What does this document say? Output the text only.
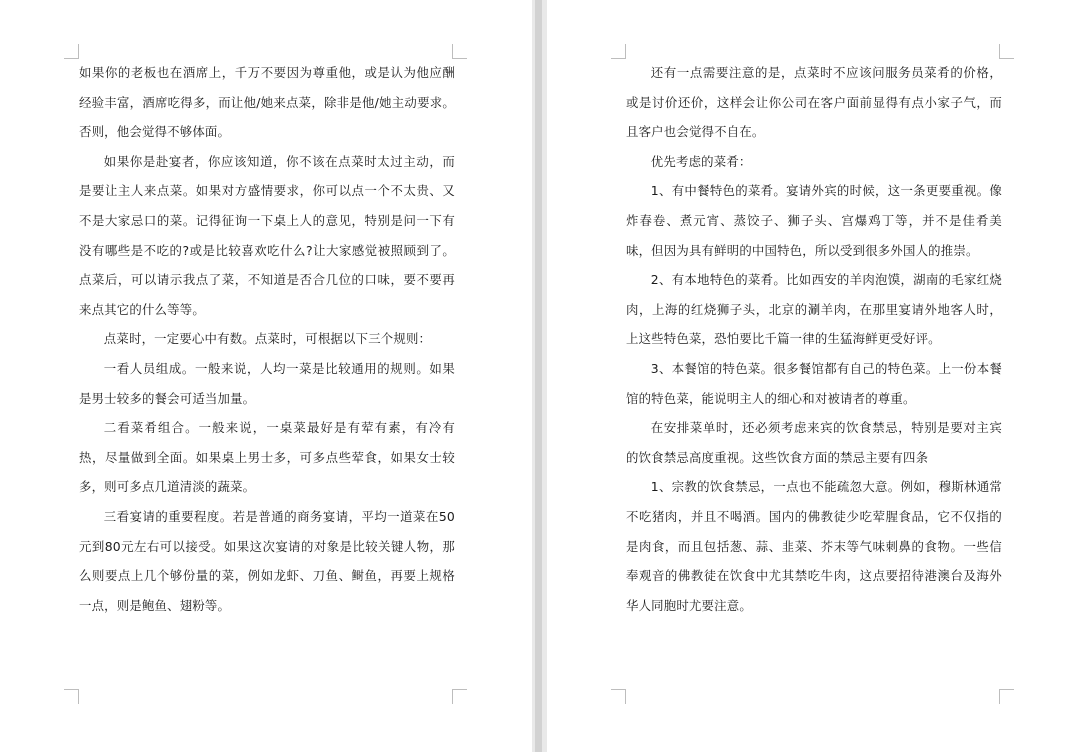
如果你的老板也在酒席上，千万不要因为尊重他，或是认为他应酬经验丰富，酒席吃得多，而让他/她来点菜，除非是他/她主动要求。否则，他会觉得不够体面。

如果你是赴宴者，你应该知道，你不该在点菜时太过主动，而是要让主人来点菜。如果对方盛情要求，你可以点一个不太贵、又不是大家忌口的菜。记得征询一下桌上人的意见，特别是问一下有没有哪些是不吃的?或是比较喜欢吃什么?让大家感觉被照顾到了。点菜后，可以请示我点了菜，不知道是否合几位的口味，要不要再来点其它的什么等等。

点菜时，一定要心中有数。点菜时，可根据以下三个规则：

一看人员组成。一般来说，人均一菜是比较通用的规则。如果是男士较多的餐会可适当加量。

二看菜肴组合。一般来说，一桌菜最好是有荤有素，有冷有热，尽量做到全面。如果桌上男士多，可多点些荤食，如果女士较多，则可多点几道清淡的蔬菜。

三看宴请的重要程度。若是普通的商务宴请，平均一道菜在50元到80元左右可以接受。如果这次宴请的对象是比较关键人物，那么则要点上几个够份量的菜，例如龙虾、刀鱼、鲥鱼，再要上规格一点，则是鲍鱼、翅粉等。

还有一点需要注意的是，点菜时不应该问服务员菜肴的价格，或是讨价还价，这样会让你公司在客户面前显得有点小家子气，而且客户也会觉得不自在。

优先考虑的菜肴：

1、有中餐特色的菜肴。宴请外宾的时候，这一条更要重视。像炸春卷、煮元宵、蒸饺子、狮子头、宫爆鸡丁等，并不是佳肴美味，但因为具有鲜明的中国特色，所以受到很多外国人的推崇。

2、有本地特色的菜肴。比如西安的羊肉泡馍，湖南的毛家红烧肉，上海的红烧狮子头，北京的涮羊肉，在那里宴请外地客人时，上这些特色菜，恐怕要比千篇一律的生猛海鲜更受好评。

3、本餐馆的特色菜。很多餐馆都有自己的特色菜。上一份本餐馆的特色菜，能说明主人的细心和对被请者的尊重。

在安排菜单时，还必须考虑来宾的饮食禁忌，特别是要对主宾的饮食禁忌高度重视。这些饮食方面的禁忌主要有四条

1、宗教的饮食禁忌，一点也不能疏忽大意。例如，穆斯林通常不吃猪肉，并且不喝酒。国内的佛教徒少吃荤腥食品，它不仅指的是肉食，而且包括葱、蒜、韭菜、芥末等气味刺鼻的食物。一些信奉观音的佛教徒在饮食中尤其禁吃牛肉，这点要招待港澳台及海外华人同胞时尤要注意。
